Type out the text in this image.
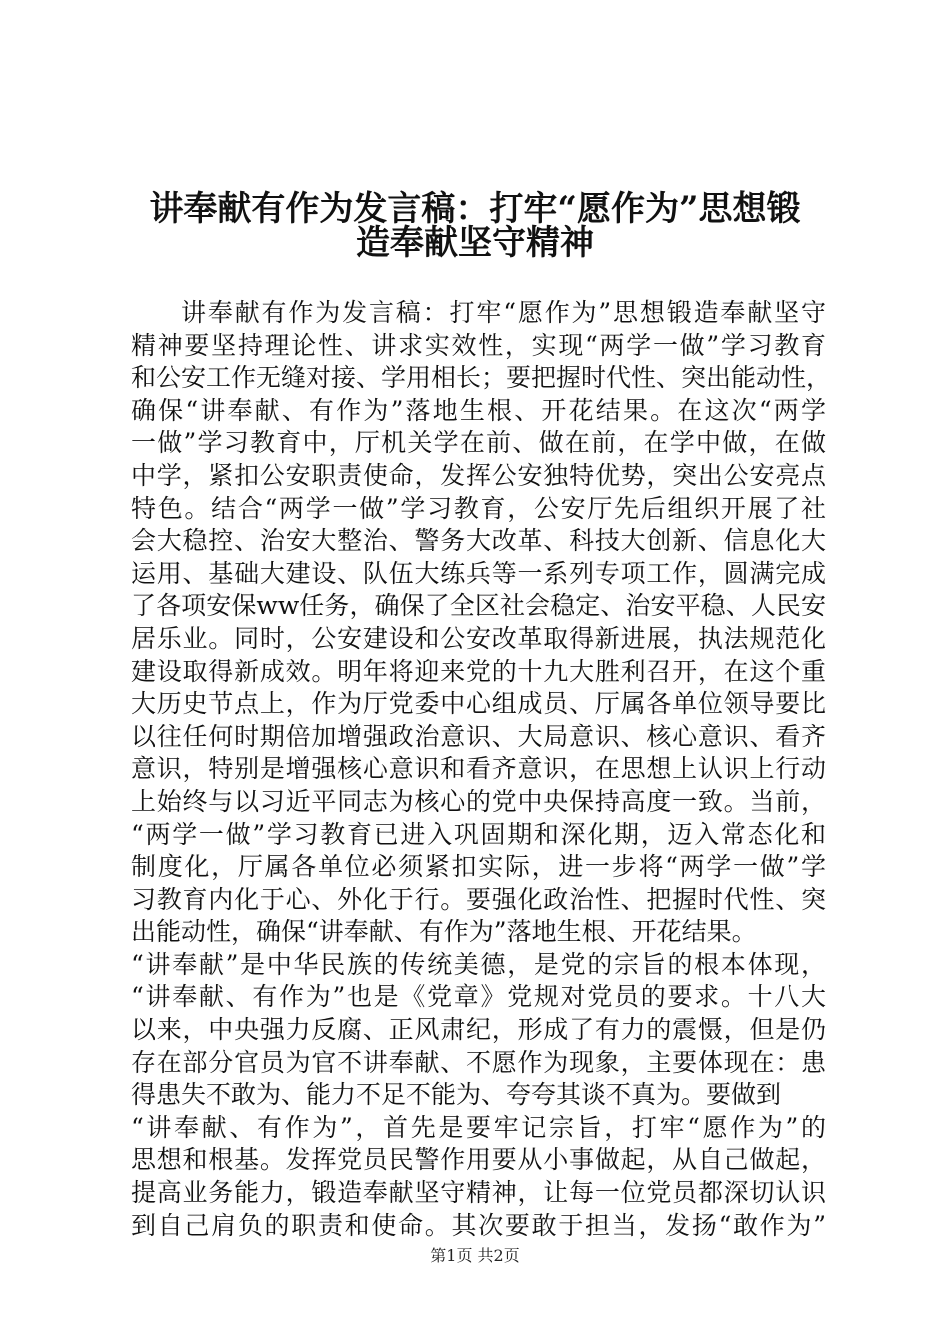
讲奉献有作为发言稿：打牢“愿作为”思想锻
造奉献坚守精神
讲奉献有作为发言稿：打牢“愿作为”思想锻造奉献坚守
精神要坚持理论性、讲求实效性，实现“两学一做”学习教育
和公安工作无缝对接、学用相长；要把握时代性、突出能动性，
确保“讲奉献、有作为”落地生根、开花结果。在这次“两学
一做”学习教育中，厅机关学在前、做在前，在学中做，在做
中学，紧扣公安职责使命，发挥公安独特优势，突出公安亮点
特色。结合“两学一做”学习教育，公安厅先后组织开展了社
会大稳控、治安大整治、警务大改革、科技大创新、信息化大
运用、基础大建设、队伍大练兵等一系列专项工作，圆满完成
了各项安保ww任务，确保了全区社会稳定、治安平稳、人民安
居乐业。同时，公安建设和公安改革取得新进展，执法规范化
建设取得新成效。明年将迎来党的十九大胜利召开，在这个重
大历史节点上，作为厅党委中心组成员、厅属各单位领导要比
以往任何时期倍加增强政治意识、大局意识、核心意识、看齐
意识，特别是增强核心意识和看齐意识，在思想上认识上行动
上始终与以习近平同志为核心的党中央保持高度一致。当前，
“两学一做”学习教育已进入巩固期和深化期，迈入常态化和
制度化，厅属各单位必须紧扣实际，进一步将“两学一做”学
习教育内化于心、外化于行。要强化政治性、把握时代性、突
出能动性，确保“讲奉献、有作为”落地生根、开花结果。
“讲奉献”是中华民族的传统美德，是党的宗旨的根本体现，
“讲奉献、有作为”也是《党章》党规对党员的要求。十八大
以来，中央强力反腐、正风肃纪，形成了有力的震慑，但是仍
存在部分官员为官不讲奉献、不愿作为现象，主要体现在：患
得患失不敢为、能力不足不能为、夸夸其谈不真为。要做到
“讲奉献、有作为”，首先是要牢记宗旨，打牢“愿作为”的
思想和根基。发挥党员民警作用要从小事做起，从自己做起，
提高业务能力，锻造奉献坚守精神，让每一位党员都深切认识
到自己肩负的职责和使命。其次要敢于担当，发扬“敢作为”
第1页 共2页
